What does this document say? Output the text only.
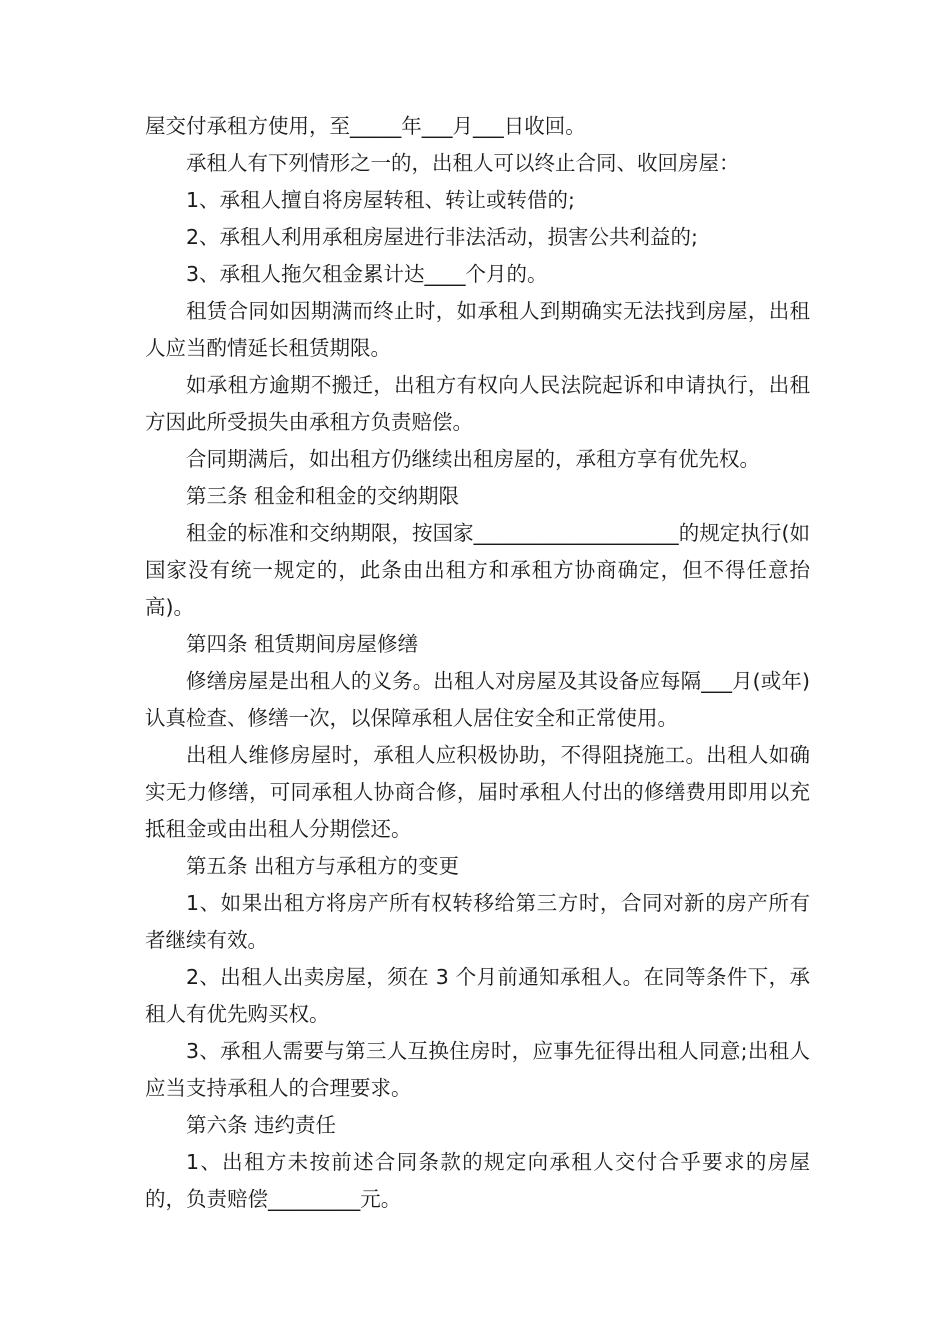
屋交付承租方使用，至_____年___月___日收回。

承租人有下列情形之一的，出租人可以终止合同、收回房屋：

1、承租人擅自将房屋转租、转让或转借的;

2、承租人利用承租房屋进行非法活动，损害公共利益的;

3、承租人拖欠租金累计达____个月的。

租赁合同如因期满而终止时，如承租人到期确实无法找到房屋，出租人应当酌情延长租赁期限。

如承租方逾期不搬迁，出租方有权向人民法院起诉和申请执行，出租方因此所受损失由承租方负责赔偿。

合同期满后，如出租方仍继续出租房屋的，承租方享有优先权。

第三条 租金和租金的交纳期限

租金的标准和交纳期限，按国家____________________的规定执行(如国家没有统一规定的，此条由出租方和承租方协商确定，但不得任意抬高)。

第四条 租赁期间房屋修缮

修缮房屋是出租人的义务。出租人对房屋及其设备应每隔___月(或年)认真检查、修缮一次，以保障承租人居住安全和正常使用。

出租人维修房屋时，承租人应积极协助，不得阻挠施工。出租人如确实无力修缮，可同承租人协商合修，届时承租人付出的修缮费用即用以充抵租金或由出租人分期偿还。

第五条 出租方与承租方的变更

1、如果出租方将房产所有权转移给第三方时，合同对新的房产所有者继续有效。

2、出租人出卖房屋，须在 3 个月前通知承租人。在同等条件下，承租人有优先购买权。

3、承租人需要与第三人互换住房时，应事先征得出租人同意;出租人应当支持承租人的合理要求。

第六条 违约责任

1、出租方未按前述合同条款的规定向承租人交付合乎要求的房屋的，负责赔偿_________元。
